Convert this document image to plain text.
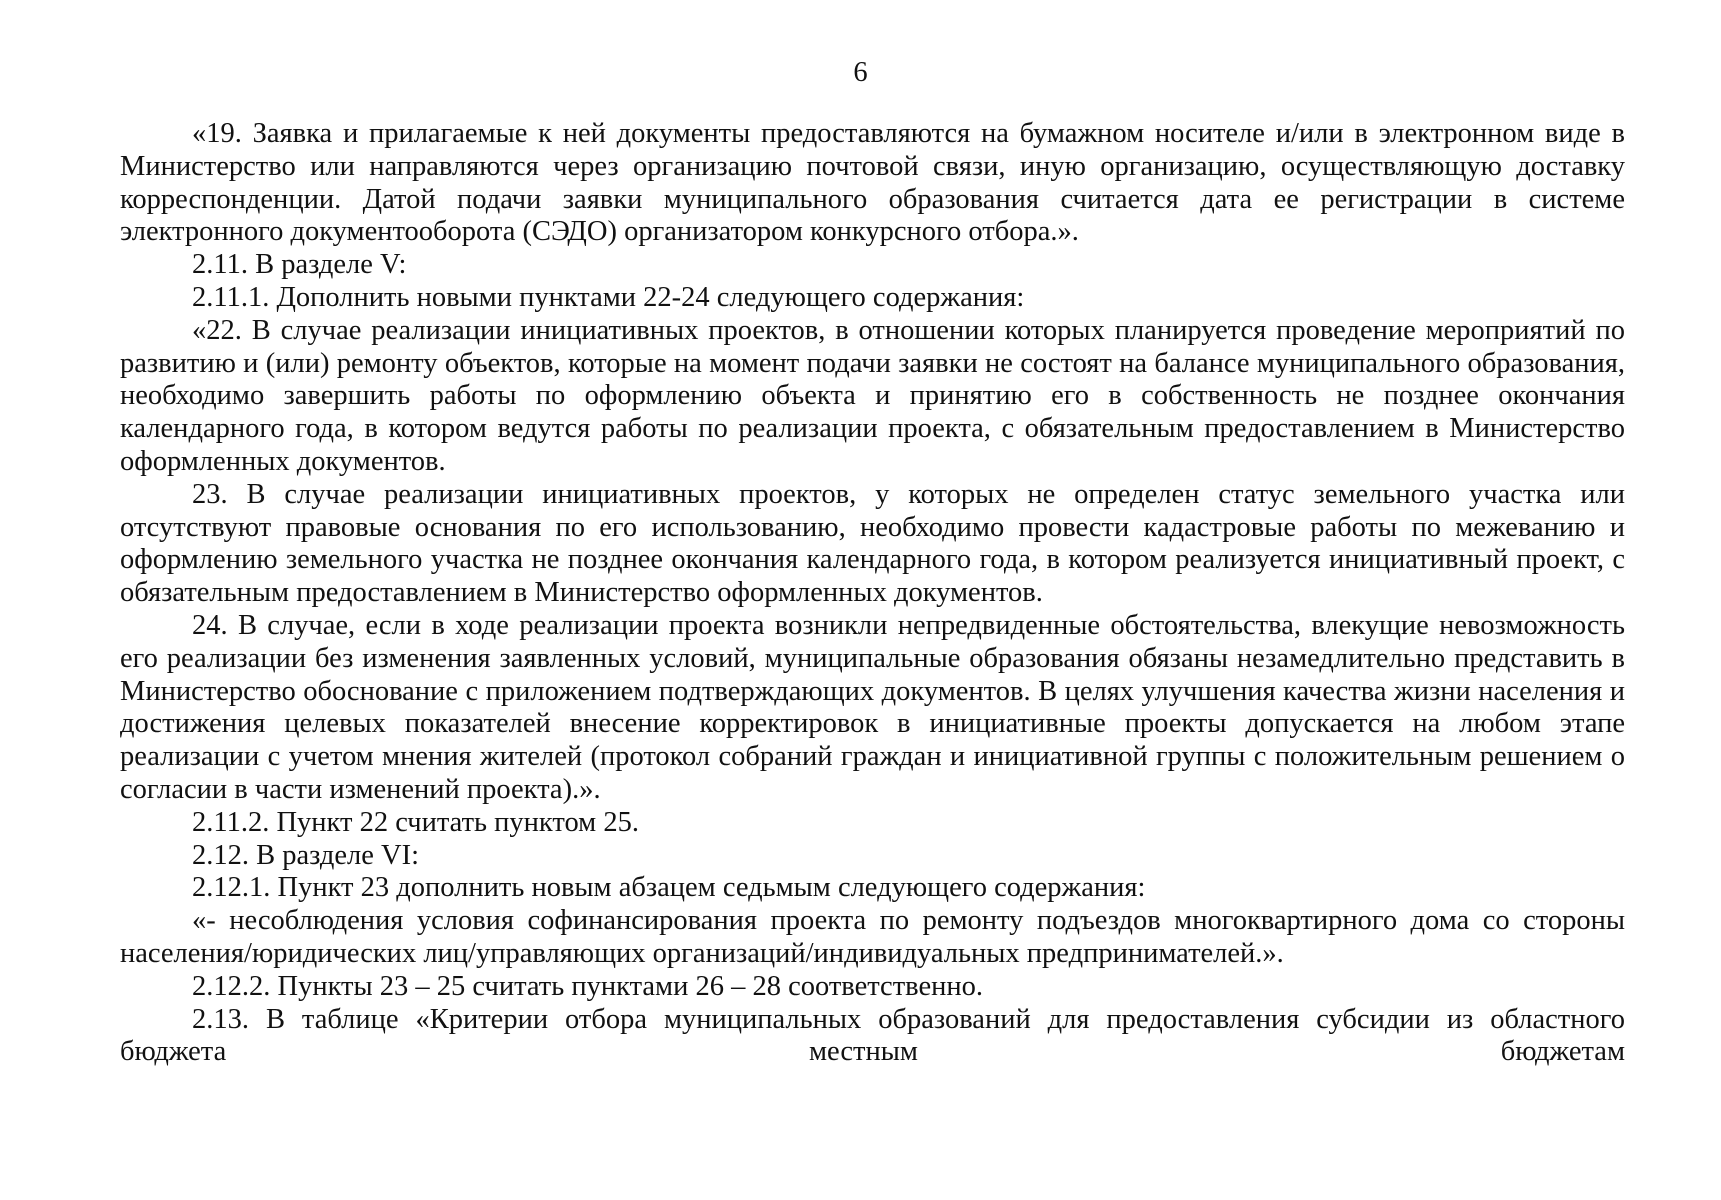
6

«19. Заявка и прилагаемые к ней документы предоставляются на бумажном носителе и/или в электронном виде в Министерство или направляются через организацию почтовой связи, иную организацию, осуществляющую доставку корреспонденции. Датой подачи заявки муниципального образования считается дата ее регистрации в системе электронного документооборота (СЭДО) организатором конкурсного отбора.».

2.11. В разделе V:

2.11.1. Дополнить новыми пунктами 22-24 следующего содержания:

«22. В случае реализации инициативных проектов, в отношении которых планируется проведение мероприятий по развитию и (или) ремонту объектов, которые на момент подачи заявки не состоят на балансе муниципального образования, необходимо завершить работы по оформлению объекта и принятию его в собственность не позднее окончания календарного года, в котором ведутся работы по реализации проекта, с обязательным предоставлением в Министерство оформленных документов.

23. В случае реализации инициативных проектов, у которых не определен статус земельного участка или отсутствуют правовые основания по его использованию, необходимо провести кадастровые работы по межеванию и оформлению земельного участка не позднее окончания календарного года, в котором реализуется инициативный проект, с обязательным предоставлением в Министерство оформленных документов.

24. В случае, если в ходе реализации проекта возникли непредвиденные обстоятельства, влекущие невозможность его реализации без изменения заявленных условий, муниципальные образования обязаны незамедлительно представить в Министерство обоснование с приложением подтверждающих документов. В целях улучшения качества жизни населения и достижения целевых показателей внесение корректировок в инициативные проекты допускается на любом этапе реализации с учетом мнения жителей (протокол собраний граждан и инициативной группы с положительным решением о согласии в части изменений проекта).».

2.11.2. Пункт 22 считать пунктом 25.

2.12. В разделе VI:

2.12.1. Пункт 23 дополнить новым абзацем седьмым следующего содержания:

«- несоблюдения условия софинансирования проекта по ремонту подъездов многоквартирного дома со стороны населения/юридических лиц/управляющих организаций/индивидуальных предпринимателей.».

2.12.2. Пункты 23 – 25 считать пунктами 26 – 28 соответственно.

2.13. В таблице «Критерии отбора муниципальных образований для предоставления субсидии из областного бюджета местным бюджетам
